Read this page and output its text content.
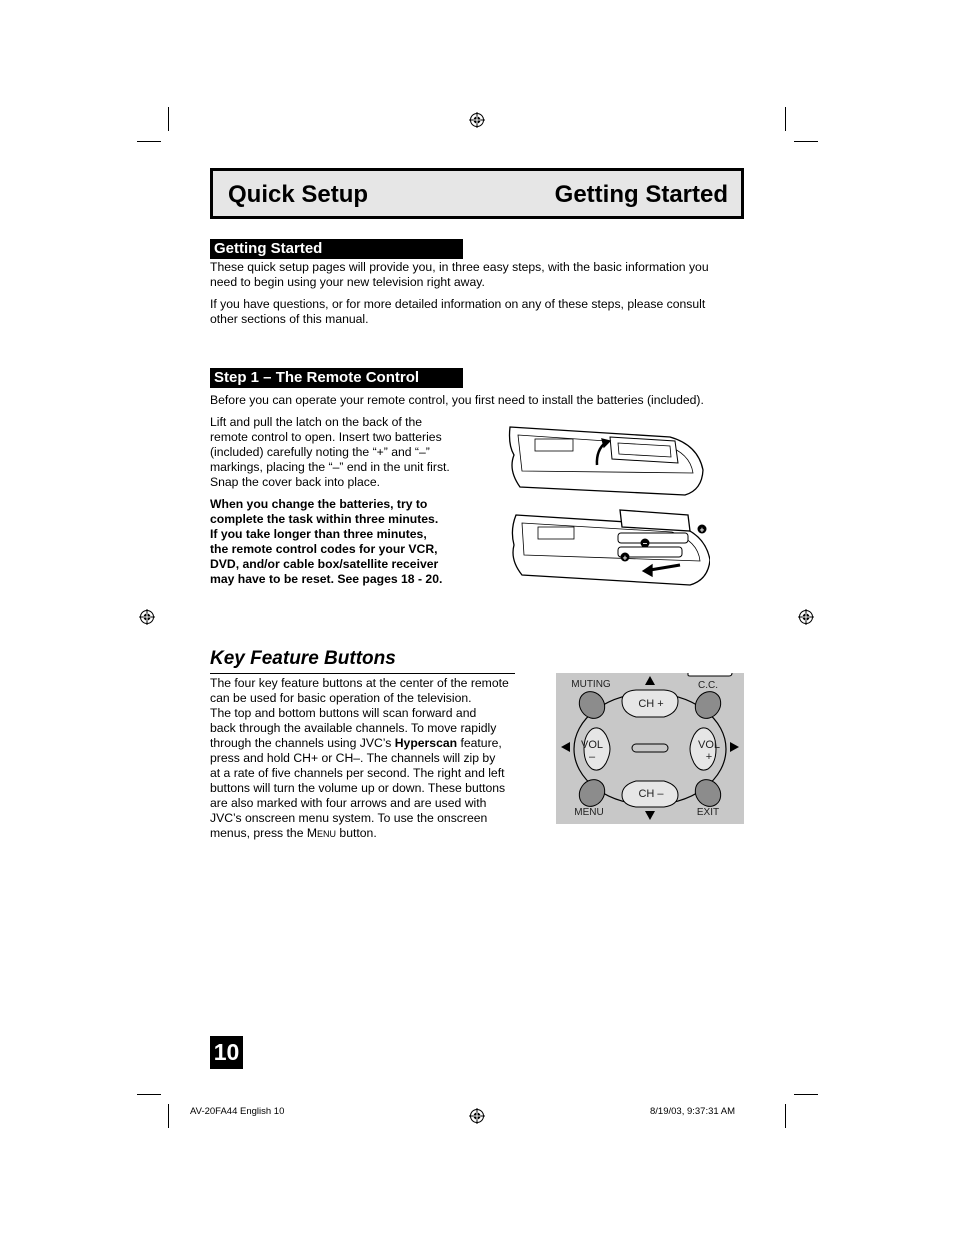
Quick Setup	Getting Started
Getting Started
These quick setup pages will provide you, in three easy steps, with the basic information you
need to begin using your new television right away.
If you have questions, or for more detailed information on any of these steps, please consult
other sections of this manual.
Step 1 – The Remote Control
Before you can operate your remote control, you first need to install the batteries (included).
Lift and pull the latch on the back of the
remote control to open. Insert two batteries
(included) carefully noting the “+” and “–”
markings, placing the “–” end in the unit first.
Snap the cover back into place.
When you change the batteries, try to
complete the task within three minutes.
If you take longer than three minutes,
the remote control codes for your VCR,
DVD, and/or cable box/satellite receiver
may have to be reset. See pages 18 - 20.
+
–
+
Key Feature Buttons
The four key feature buttons at the center of the remote
can be used for basic operation of the television.
The top and bottom buttons will scan forward and
back through the available channels. To move rapidly
through the channels using JVC’s Hyperscan feature,
press and hold CH+ or CH–. The channels will zip by
at a rate of five channels per second. The right and left
buttons will turn the volume up or down. These buttons
are also marked with four arrows and are used with
JVC’s onscreen menu system. To use the onscreen
menus, press the MENU button.
MUTING	C.C.
MENU	EXIT
CH +
CH –
VOL
–
VOL
+
10
AV-20FA44 English 10	8/19/03, 9:37:31 AM
